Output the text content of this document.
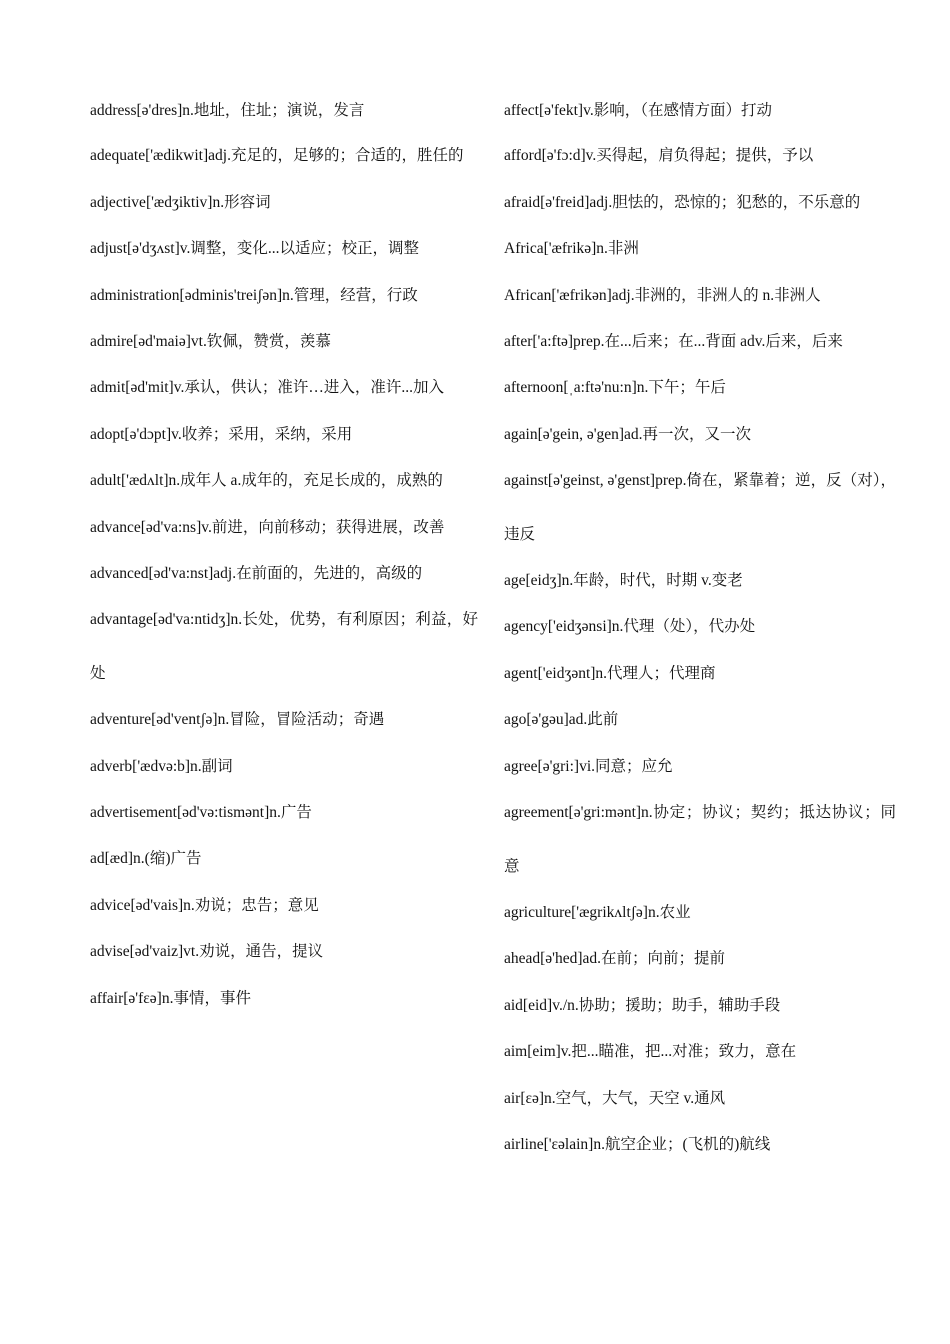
address[ə'dres]n.地址，住址；演说，发言

adequate['ædikwit]adj.充足的，足够的；合适的，胜任的

adjective['ædʒiktiv]n.形容词

adjust[ə'dʒʌst]v.调整，变化...以适应；校正，调整

administration[ədminis'treiʃən]n.管理，经营，行政

admire[əd'maiə]vt.钦佩，赞赏，羡慕

admit[əd'mit]v.承认，供认；准许…进入，准许...加入

adopt[ə'dɔpt]v.收养；采用，采纳，采用

adult['ædʌlt]n.成年人 a.成年的，充足长成的，成熟的

advance[əd'va:ns]v.前进，向前移动；获得进展，改善

advanced[əd'va:nst]adj.在前面的，先进的，高级的

advantage[əd'va:ntidʒ]n.长处，优势，有利原因；利益，好处

adventure[əd'ventʃə]n.冒险，冒险活动；奇遇

adverb['ædvə:b]n.副词

advertisement[əd'və:tismənt]n.广告

ad[æd]n.(缩)广告

advice[əd'vais]n.劝说；忠告；意见

advise[əd'vaiz]vt.劝说，通告，提议

affair[ə'fɛə]n.事情，事件

affect[ə'fekt]v.影响，（在感情方面）打动

afford[ə'fɔ:d]v.买得起，肩负得起；提供，予以

afraid[ə'freid]adj.胆怯的，恐惊的；犯愁的，不乐意的

Africa['æfrikə]n.非洲

African['æfrikən]adj.非洲的，非洲人的 n.非洲人

after['a:ftə]prep.在...后来；在...背面 adv.后来，后来

afternoon[ˌa:ftə'nu:n]n.下午；午后

again[ə'gein, ə'gen]ad.再一次，又一次

against[ə'geinst, ə'genst]prep.倚在，紧靠着；逆，反（对），违反

age[eidʒ]n.年龄，时代，时期 v.变老

agency['eidʒənsi]n.代理（处），代办处

agent['eidʒənt]n.代理人；代理商

ago[ə'gəu]ad.此前

agree[ə'gri:]vi.同意；应允

agreement[ə'gri:mənt]n.协定；协议；契约；抵达协议；同意

agriculture['ægrikʌltʃə]n.农业

ahead[ə'hed]ad.在前；向前；提前

aid[eid]v./n.协助；援助；助手，辅助手段

aim[eim]v.把...瞄准，把...对准；致力，意在

air[ɛə]n.空气，大气，天空 v.通风

airline['ɛəlain]n.航空企业；(飞机的)航线
